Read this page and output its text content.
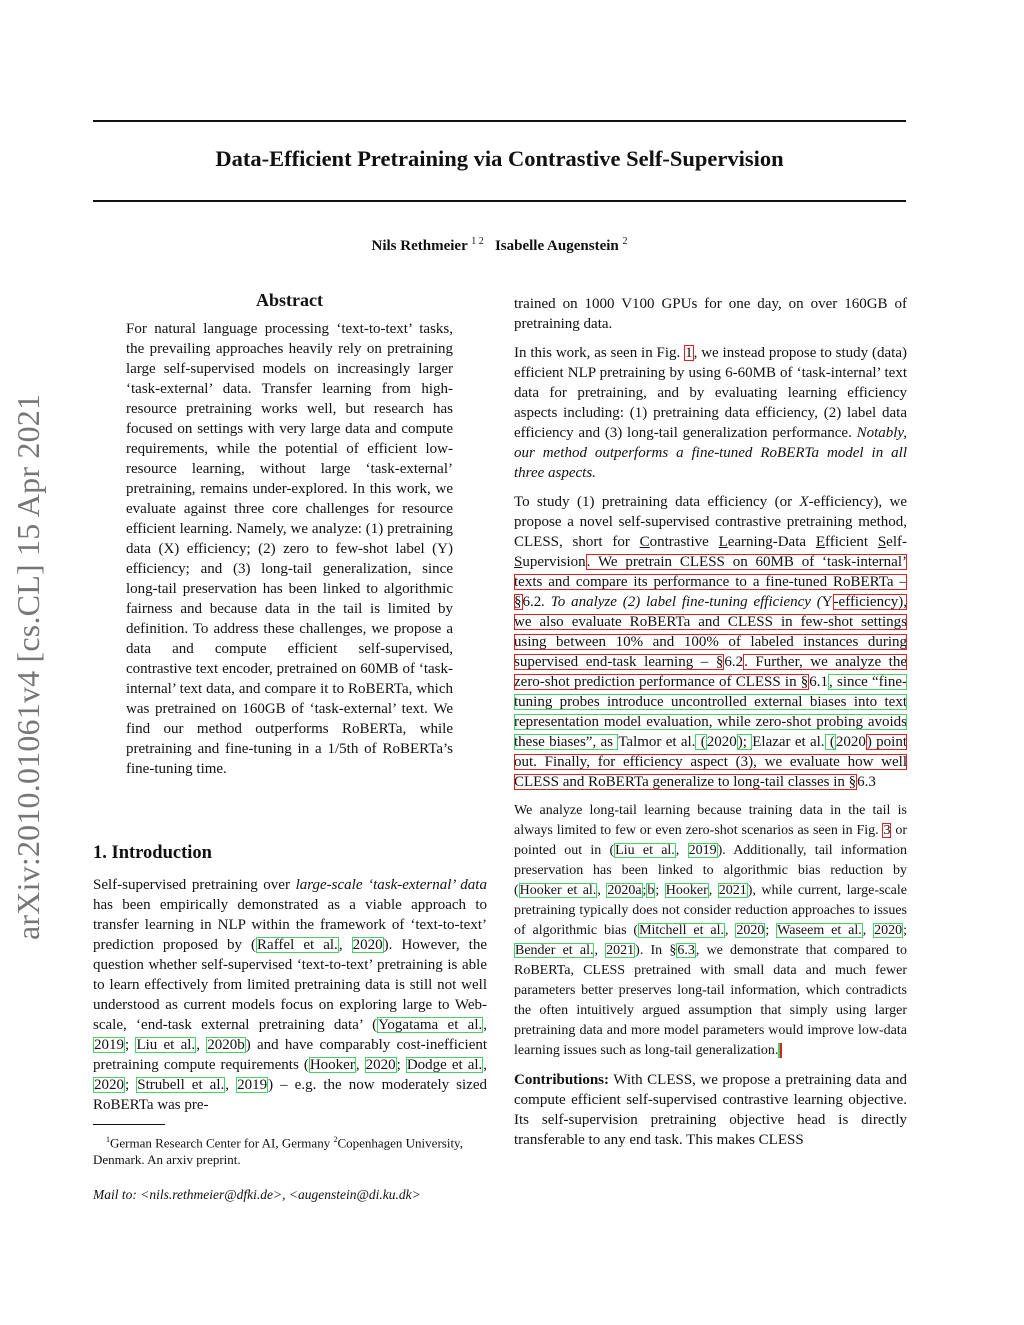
Data-Efficient Pretraining via Contrastive Self-Supervision
Nils Rethmeier $^{1 2}$ Isabelle Augenstein $^2$
arXiv:2010.01061v4 [cs.CL] 15 Apr 2021

Abstract

For natural language processing ‘text-to-text’ tasks, the prevailing approaches heavily rely on pretraining large self-supervised models on increasingly larger ‘task-external’ data. Transfer learning from high-resource pretraining works well, but research has focused on settings with very large data and compute requirements, while the potential of efficient low-resource learning, without large ‘task-external’ pretraining, remains under-explored. In this work, we evaluate against three core challenges for resource efficient learning. Namely, we analyze: (1) pretraining data (X) efficiency; (2) zero to few-shot label (Y) efficiency; and (3) long-tail generalization, since long-tail preservation has been linked to algorithmic fairness and because data in the tail is limited by definition. To address these challenges, we propose a data and compute efficient self-supervised, contrastive text encoder, pretrained on 60MB of ‘task-internal’ text data, and compare it to RoBERTa, which was pretrained on 160GB of ‘task-external’ text. We find our method outperforms RoBERTa, while pretraining and fine-tuning in a 1/5th of RoBERTa’s fine-tuning time.

1. Introduction

Self-supervised pretraining over large-scale ‘task-external’ data has been empirically demonstrated as a viable approach to transfer learning in NLP within the framework of ‘text-to-text’ prediction proposed by (Raffel et al., 2020). However, the question whether self-supervised ‘text-to-text’ pretraining is able to learn effectively from limited pretraining data is still not well understood as current models focus on exploring large to Web-scale, ‘end-task external pretraining data’ (Yogatama et al., 2019; Liu et al., 2020b) and have comparably cost-inefficient pretraining compute requirements (Hooker, 2020; Dodge et al., 2020; Strubell et al., 2019) – e.g. the now moderately sized RoBERTa was pre-

$^1$German Research Center for AI, Germany $^2$Copenhagen University, Denmark. An arxiv preprint.

Mail to: <nils.rethmeier@dfki.de>, <augenstein@di.ku.dk>

trained on 1000 V100 GPUs for one day, on over 160GB of pretraining data.

In this work, as seen in Fig. 1, we instead propose to study (data) efficient NLP pretraining by using 6-60MB of ‘task-internal’ text data for pretraining, and by evaluating learning efficiency aspects including: (1) pretraining data efficiency, (2) label data efficiency and (3) long-tail generalization performance. Notably, our method outperforms a fine-tuned RoBERTa model in all three aspects.

To study (1) pretraining data efficiency (or X-efficiency), we propose a novel self-supervised contrastive pretraining method, CLESS, short for Contrastive Learning-Data Efficient Self-Supervision. We pretrain CLESS on 60MB of ‘task-internal’ texts and compare its performance to a fine-tuned RoBERTa – §6.2. To analyze (2) label fine-tuning efficiency (Y-efficiency), we also evaluate RoBERTa and CLESS in few-shot settings using between 10% and 100% of labeled instances during supervised end-task learning – §6.2. Further, we analyze the zero-shot prediction performance of CLESS in §6.1, since “fine-tuning probes introduce uncontrolled external biases into text representation model evaluation, while zero-shot probing avoids these biases”, as Talmor et al. (2020); Elazar et al. (2020) point out. Finally, for efficiency aspect (3), we evaluate how well CLESS and RoBERTa generalize to long-tail classes in §6.3

We analyze long-tail learning because training data in the tail is always limited to few or even zero-shot scenarios as seen in Fig. 3 or pointed out in (Liu et al., 2019). Additionally, tail information preservation has been linked to algorithmic bias reduction by (Hooker et al., 2020a;b; Hooker, 2021), while current, large-scale pretraining typically does not consider reduction approaches to issues of algorithmic bias (Mitchell et al., 2020; Waseem et al., 2020; Bender et al., 2021). In §6.3, we demonstrate that compared to RoBERTa, CLESS pretrained with small data and much fewer parameters better preserves long-tail information, which contradicts the often intuitively argued assumption that simply using larger pretraining data and more model parameters would improve low-data learning issues such as long-tail generalization.

Contributions: With CLESS, we propose a pretraining data and compute efficient self-supervised contrastive learning objective. Its self-supervision pretraining objective head is directly transferable to any end task. This makes CLESS
